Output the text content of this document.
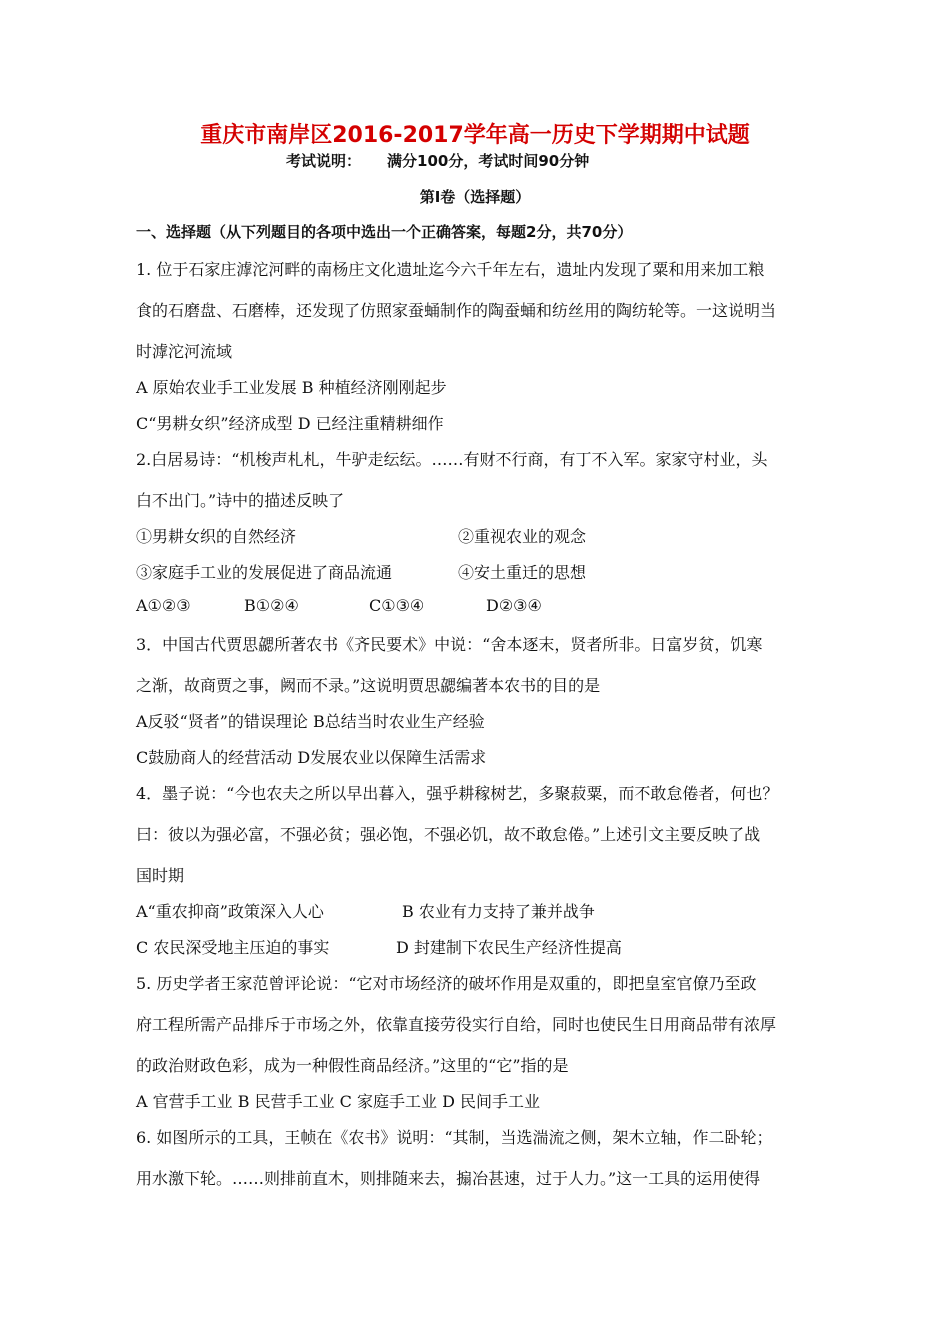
重庆市南岸区2016-2017学年高一历史下学期期中试题
考试说明： 满分100分，考试时间90分钟
第Ⅰ卷（选择题）
一、选择题（从下列题目的各项中选出一个正确答案，每题2分，共70分）
1. 位于石家庄滹沱河畔的南杨庄文化遗址迄今六千年左右，遗址内发现了粟和用来加工粮
食的石磨盘、石磨棒，还发现了仿照家蚕蛹制作的陶蚕蛹和纺丝用的陶纺轮等。一这说明当
时滹沱河流域
A 原始农业手工业发展 B 种植经济刚刚起步
C“男耕女织”经济成型 D 已经注重精耕细作
2.白居易诗：“机梭声札札，牛驴走纭纭。……有财不行商，有丁不入军。家家守村业，头
白不出门。”诗中的描述反映了
①男耕女织的自然经济	②重视农业的观念
③家庭手工业的发展促进了商品流通	④安土重迁的思想
A①②③	B①②④	C①③④	D②③④
3．中国古代贾思勰所著农书《齐民要术》中说：“舍本逐末，贤者所非。日富岁贫，饥寒
之渐，故商贾之事，阙而不录。”这说明贾思勰编著本农书的目的是
A反驳“贤者”的错误理论 B总结当时农业生产经验
C鼓励商人的经营活动 D发展农业以保障生活需求
4．墨子说：“今也农夫之所以早出暮入，强乎耕稼树艺，多聚菽粟，而不敢怠倦者，何也？
曰：彼以为强必富，不强必贫；强必饱，不强必饥，故不敢怠倦。”上述引文主要反映了战
国时期
A“重农抑商”政策深入人心	B 农业有力支持了兼并战争
C 农民深受地主压迫的事实	D 封建制下农民生产经济性提高
5. 历史学者王家范曾评论说：“它对市场经济的破坏作用是双重的，即把皇室官僚乃至政
府工程所需产品排斥于市场之外，依靠直接劳役实行自给，同时也使民生日用商品带有浓厚
的政治财政色彩，成为一种假性商品经济。”这里的“它”指的是
A 官营手工业 B 民营手工业 C 家庭手工业 D 民间手工业
6. 如图所示的工具，王帧在《农书》说明：“其制，当选湍流之侧，架木立轴，作二卧轮；
用水激下轮。……则排前直木，则排随来去，搧冶甚速，过于人力。”这一工具的运用使得
